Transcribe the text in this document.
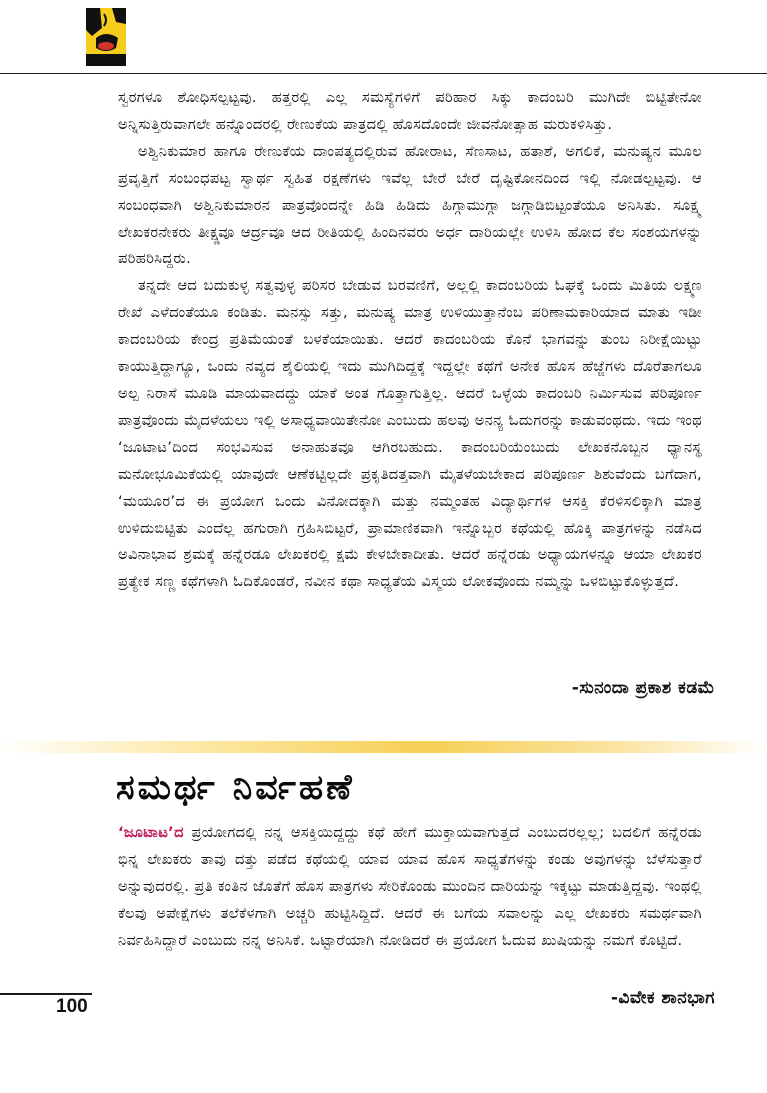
ಸ್ವರಗಳೂ ಶೋಧಿಸಲ್ಪಟ್ಟವು. ಹತ್ತರಲ್ಲಿ ಎಲ್ಲ ಸಮಸ್ಯೆಗಳಿಗೆ ಪರಿಹಾರ ಸಿಕ್ಕು ಕಾದಂಬರಿ ಮುಗಿದೇ ಬಿಟ್ಟಿತೇನೋ ಅನ್ನಿಸುತ್ತಿರುವಾಗಲೇ ಹನ್ನೊಂದರಲ್ಲಿ ರೇಣುಕೆಯ ಪಾತ್ರದಲ್ಲಿ ಹೊಸದೊಂದೇ ಜೀವನೋತ್ಸಾಹ ಮರುಕಳಿಸಿತ್ತು.

ಅಶ್ವಿನಿಕುಮಾರ ಹಾಗೂ ರೇಣುಕೆಯ ದಾಂಪತ್ಯದಲ್ಲಿರುವ ಹೋರಾಟ, ಸೆಣಸಾಟ, ಹತಾಶೆ, ಅಗಲಿಕೆ, ಮನುಷ್ಯನ ಮೂಲ ಪ್ರವೃತ್ತಿಗೆ ಸಂಬಂಧಪಟ್ಟ ಸ್ವಾರ್ಥ ಸ್ವಹಿತ ರಕ್ಷಣೆಗಳು ಇವೆಲ್ಲ ಬೇರೆ ಬೇರೆ ದೃಷ್ಟಿಕೋನದಿಂದ ಇಲ್ಲಿ ನೋಡಲ್ಪಟ್ಟವು. ಆ ಸಂಬಂಧವಾಗಿ ಅಶ್ವಿನಿಕುಮಾರನ ಪಾತ್ರವೊಂದನ್ನೇ ಹಿಡಿ ಹಿಡಿದು ಹಿಗ್ಗಾಮುಗ್ಗಾ ಜಗ್ಗಾಡಿಬಿಟ್ಟಂತೆಯೂ ಅನಿಸಿತು. ಸೂಕ್ಷ್ಮ ಲೇಖಕರನೇಕರು ತೀಕ್ಷ್ಣವೂ ಆರ್ದ್ರವೂ ಆದ ರೀತಿಯಲ್ಲಿ ಹಿಂದಿನವರು ಅರ್ಧ ದಾರಿಯಲ್ಲೇ ಉಳಿಸಿ ಹೋದ ಕೆಲ ಸಂಶಯಗಳನ್ನು ಪರಿಹರಿಸಿದ್ದರು.

ತನ್ನದೇ ಆದ ಬದುಕುಳ್ಳ ಸತ್ವವುಳ್ಳ ಪರಿಸರ ಬೇಡುವ ಬರವಣಿಗೆ, ಅಲ್ಲಲ್ಲಿ ಕಾದಂಬರಿಯ ಓಘಕ್ಕೆ ಒಂದು ಮಿತಿಯ ಲಕ್ಷ್ಮಣ ರೇಖೆ ಎಳೆದಂತೆಯೂ ಕಂಡಿತು. ಮನಸ್ಸು ಸತ್ತು, ಮನುಷ್ಯ ಮಾತ್ರ ಉಳಿಯುತ್ತಾನೆಂಬ ಪರಿಣಾಮಕಾರಿಯಾದ ಮಾತು ಇಡೀ ಕಾದಂಬರಿಯ ಕೇಂದ್ರ ಪ್ರತಿಮೆಯಂತೆ ಬಳಕೆಯಾಯಿತು. ಆದರೆ ಕಾದಂಬರಿಯ ಕೊನೆ ಭಾಗವನ್ನು ತುಂಬ ನಿರೀಕ್ಷೆಯಿಟ್ಟು ಕಾಯುತ್ತಿದ್ದಾಗ್ಯೂ, ಒಂದು ನವ್ಯದ ಶೈಲಿಯಲ್ಲಿ ಇದು ಮುಗಿದಿದ್ದಕ್ಕೆ ಇದ್ದಲ್ಲೇ ಕಥೆಗೆ ಅನೇಕ ಹೊಸ ಹೆಜ್ಜೆಗಳು ದೊರೆತಾಗಲೂ ಅಲ್ಪ ನಿರಾಸೆ ಮೂಡಿ ಮಾಯವಾದದ್ದು ಯಾಕೆ ಅಂತ ಗೊತ್ತಾಗುತ್ತಿಲ್ಲ. ಆದರೆ ಒಳ್ಳೆಯ ಕಾದಂಬರಿ ನಿರ್ಮಿಸುವ ಪರಿಪೂರ್ಣ ಪಾತ್ರವೊಂದು ಮೈದಳೆಯಲು ಇಲ್ಲಿ ಅಸಾಧ್ಯವಾಯಿತೇನೋ ಎಂಬುದು ಹಲವು ಅನನ್ಯ ಓದುಗರನ್ನು ಕಾಡುವಂಥದು. ಇದು ಇಂಥ ‘ಜೂಟಾಟ’ದಿಂದ ಸಂಭವಿಸುವ ಅನಾಹುತವೂ ಆಗಿರಬಹುದು. ಕಾದಂಬರಿಯೆಂಬುದು ಲೇಖಕನೊಬ್ಬನ ಧ್ಯಾನಸ್ಥ ಮನೋಭೂಮಿಕೆಯಲ್ಲಿ ಯಾವುದೇ ಆಣೆಕಟ್ಟಿಲ್ಲದೇ ಪ್ರಕೃತಿದತ್ತವಾಗಿ ಮೈತಳೆಯಬೇಕಾದ ಪರಿಪೂರ್ಣ ಶಿಶುವೆಂದು ಬಗೆದಾಗ, ‘ಮಯೂರ’ದ ಈ ಪ್ರಯೋಗ ಒಂದು ವಿನೋದಕ್ಕಾಗಿ ಮತ್ತು ನಮ್ಮಂತಹ ವಿದ್ಯಾರ್ಥಿಗಳ ಆಸಕ್ತಿ ಕೆರಳಿಸಲಿಕ್ಕಾಗಿ ಮಾತ್ರ ಉಳಿದುಬಿಟ್ಟಿತು ಎಂದೆಲ್ಲ ಹಗುರಾಗಿ ಗ್ರಹಿಸಿಬಿಟ್ಟರೆ, ಪ್ರಾಮಾಣಿಕವಾಗಿ ಇನ್ನೊಬ್ಬರ ಕಥೆಯಲ್ಲಿ ಹೊಕ್ಕಿ ಪಾತ್ರಗಳನ್ನು ನಡೆಸಿದ ಅವಿನಾಭಾವ ಶ್ರಮಕ್ಕೆ ಹನ್ನೆರಡೂ ಲೇಖಕರಲ್ಲಿ ಕ್ಷಮೆ ಕೇಳಬೇಕಾದೀತು. ಆದರೆ ಹನ್ನೆರಡು ಅಧ್ಯಾಯಗಳನ್ನೂ ಆಯಾ ಲೇಖಕರ ಪ್ರತ್ಯೇಕ ಸಣ್ಣ ಕಥೆಗಳಾಗಿ ಓದಿಕೊಂಡರೆ, ನವೀನ ಕಥಾ ಸಾಧ್ಯತೆಯ ವಿಸ್ಮಯ ಲೋಕವೊಂದು ನಮ್ಮನ್ನು ಒಳಬಿಟ್ಟುಕೊಳ್ಳುತ್ತದೆ.

-ಸುನಂದಾ ಪ್ರಕಾಶ ಕಡಮೆ
ಸಮರ್ಥ ನಿರ್ವಹಣೆ

‘ಜೂಟಾಟ’ದ ಪ್ರಯೋಗದಲ್ಲಿ ನನ್ನ ಆಸಕ್ತಿಯಿದ್ದದ್ದು ಕಥೆ ಹೇಗೆ ಮುಕ್ತಾಯವಾಗುತ್ತದೆ ಎಂಬುದರಲ್ಲಲ್ಲ; ಬದಲಿಗೆ ಹನ್ನೆರಡು ಭಿನ್ನ ಲೇಖಕರು ತಾವು ದತ್ತು ಪಡೆದ ಕಥೆಯಲ್ಲಿ ಯಾವ ಯಾವ ಹೊಸ ಸಾಧ್ಯತೆಗಳನ್ನು ಕಂಡು ಅವುಗಳನ್ನು ಬೆಳೆಸುತ್ತಾರೆ ಅನ್ನುವುದರಲ್ಲಿ. ಪ್ರತಿ ಕಂತಿನ ಜೊತೆಗೆ ಹೊಸ ಪಾತ್ರಗಳು ಸೇರಿಕೊಂಡು ಮುಂದಿನ ದಾರಿಯನ್ನು ಇಕ್ಕಟ್ಟು ಮಾಡುತ್ತಿದ್ದವು. ಇಂಥಲ್ಲಿ ಕೆಲವು ಅಪೇಕ್ಷೆಗಳು ತಲೆಕೆಳಗಾಗಿ ಅಚ್ಚರಿ ಹುಟ್ಟಿಸಿದ್ದಿದೆ. ಆದರೆ ಈ ಬಗೆಯ ಸವಾಲನ್ನು ಎಲ್ಲ ಲೇಖಕರು ಸಮರ್ಥವಾಗಿ ನಿರ್ವಹಿಸಿದ್ದಾರೆ ಎಂಬುದು ನನ್ನ ಅನಿಸಿಕೆ. ಒಟ್ಟಾರೆಯಾಗಿ ನೋಡಿದರೆ ಈ ಪ್ರಯೋಗ ಓದುವ ಖುಷಿಯನ್ನು ನಮಗೆ ಕೊಟ್ಟಿದೆ.

-ವಿವೇಕ ಶಾನಭಾಗ
100
